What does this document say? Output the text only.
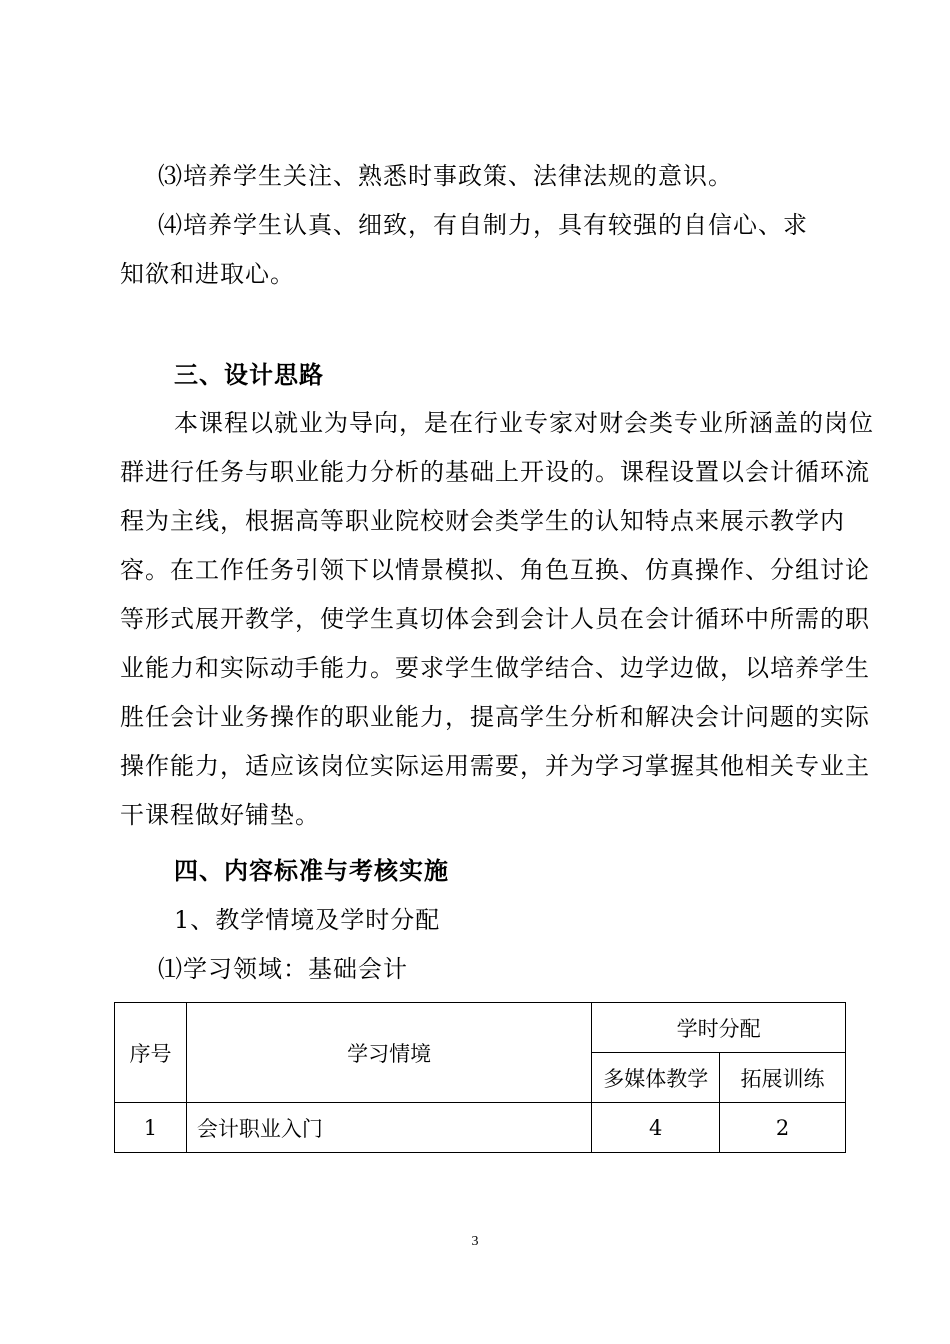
⑶培养学生关注、熟悉时事政策、法律法规的意识。
⑷培养学生认真、细致，有自制力，具有较强的自信心、求
知欲和进取心。
三、设计思路
本课程以就业为导向，是在行业专家对财会类专业所涵盖的岗位
群进行任务与职业能力分析的基础上开设的。课程设置以会计循环流
程为主线，根据高等职业院校财会类学生的认知特点来展示教学内
容。在工作任务引领下以情景模拟、角色互换、仿真操作、分组讨论
等形式展开教学，使学生真切体会到会计人员在会计循环中所需的职
业能力和实际动手能力。要求学生做学结合、边学边做，以培养学生
胜任会计业务操作的职业能力，提高学生分析和解决会计问题的实际
操作能力，适应该岗位实际运用需要，并为学习掌握其他相关专业主
干课程做好铺垫。
四、内容标准与考核实施
1、教学情境及学时分配
⑴学习领域：基础会计
序号	学习情境	学时分配	
		多媒体教学	拓展训练
1	会计职业入门	4	2
3
